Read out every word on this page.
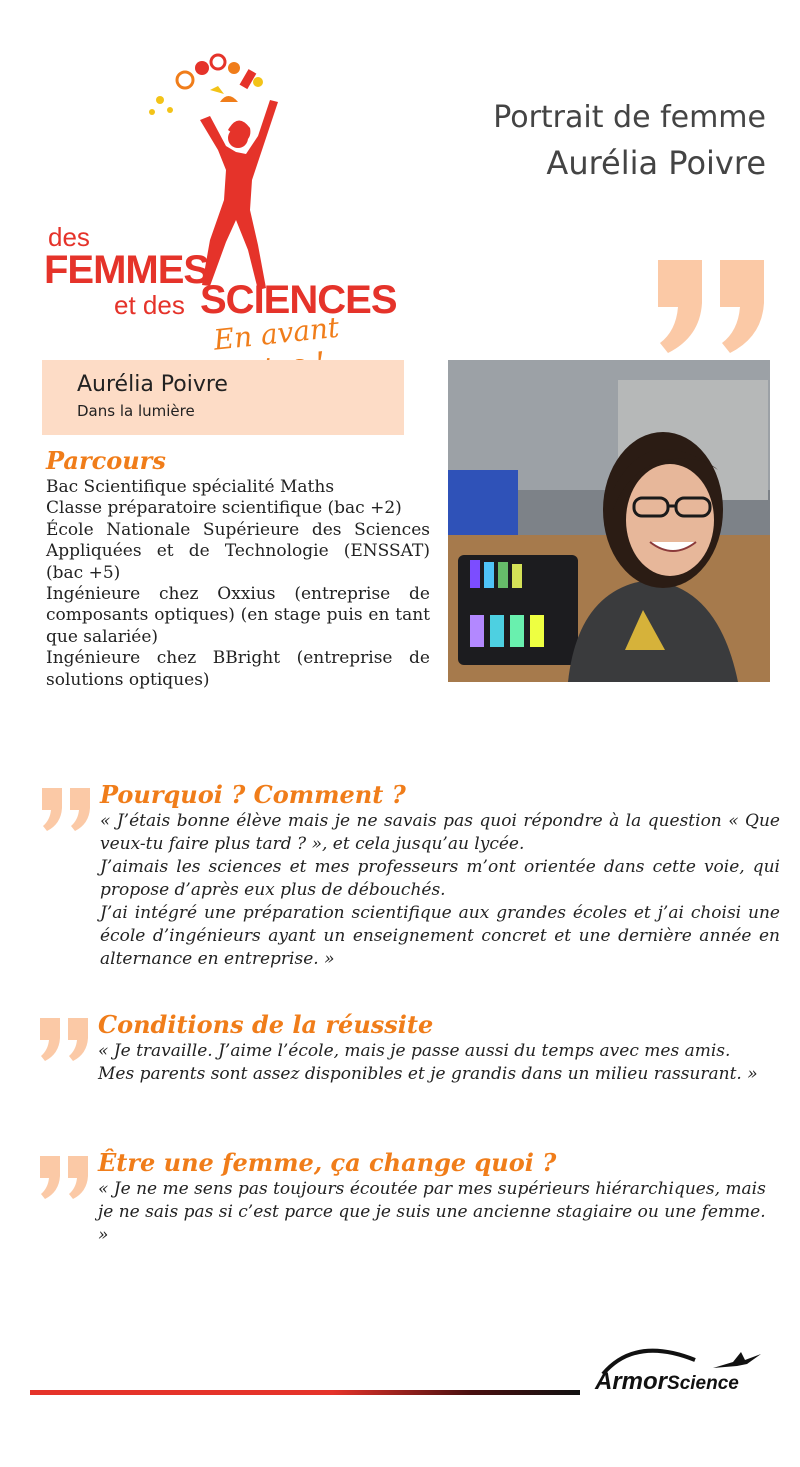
des
FEMMES
et des SCIENCES
En avant
Portrait de femme
Aurélia Poivre
Aurélia Poivre
Dans la lumière
Parcours
Bac Scientifique spécialité Maths
Classe préparatoire scientifique (bac +2)
École Nationale Supérieure des Sciences Appliquées et de Technologie (ENSSAT) (bac +5)
Ingénieure chez Oxxius (entreprise de composants optiques) (en stage puis en tant que salariée)
Ingénieure chez BBright (entreprise de solutions optiques)
Pourquoi ? Comment ?

« J’étais bonne élève mais je ne savais pas quoi répondre à la question « Que veux-tu faire plus tard ? », et cela jusqu’au lycée.

J’aimais les sciences et mes professeurs m’ont orientée dans cette voie, qui propose d’après eux plus de débouchés.

J’ai intégré une préparation scientifique aux grandes écoles et j’ai choisi une école d’ingénieurs ayant un enseignement concret et une dernière année en alternance en entreprise. »

Conditions de la réussite

« Je travaille. J’aime l’école, mais je passe aussi du temps avec mes amis.

Mes parents sont assez disponibles et je grandis dans un milieu rassurant. »

Être une femme, ça change quoi ?

« Je ne me sens pas toujours écoutée par mes supérieurs hiérarchiques, mais je ne sais pas si c’est parce que je suis une ancienne stagiaire ou une femme. »

ArmorScience
